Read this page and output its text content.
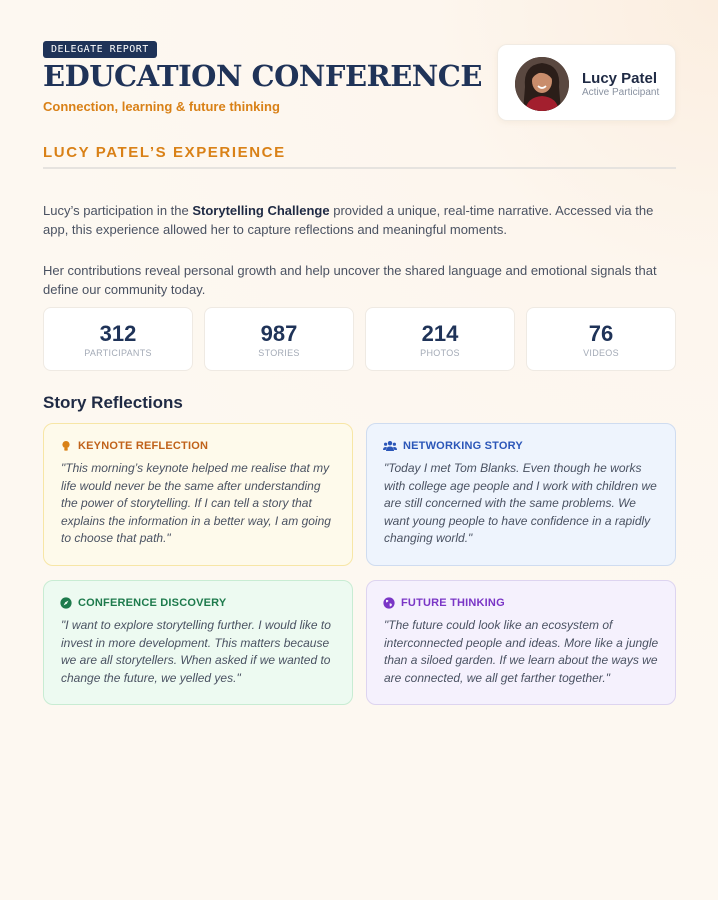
DELEGATE REPORT
EDUCATION CONFERENCE
Connection, learning & future thinking
Lucy Patel
Active Participant
LUCY PATEL’S EXPERIENCE

Lucy’s participation in the Storytelling Challenge provided a unique, real-time narrative. Accessed via the app, this experience allowed her to capture reflections and meaningful moments.

Her contributions reveal personal growth and help uncover the shared language and emotional signals that define our community today.

312
PARTICIPANTS
987
STORIES
214
PHOTOS
76
VIDEOS
Story Reflections
KEYNOTE REFLECTION
"This morning’s keynote helped me realise that my life would never be the same after understanding the power of storytelling. If I can tell a story that explains the information in a better way, I am going to choose that path."
NETWORKING STORY
"Today I met Tom Blanks. Even though he works with college age people and I work with children we are still concerned with the same problems. We want young people to have confidence in a rapidly changing world."
CONFERENCE DISCOVERY
"I want to explore storytelling further. I would like to invest in more development. This matters because we are all storytellers. When asked if we wanted to change the future, we yelled yes."
FUTURE THINKING
"The future could look like an ecosystem of interconnected people and ideas. More like a jungle than a siloed garden. If we learn about the ways we are connected, we all get farther together."
